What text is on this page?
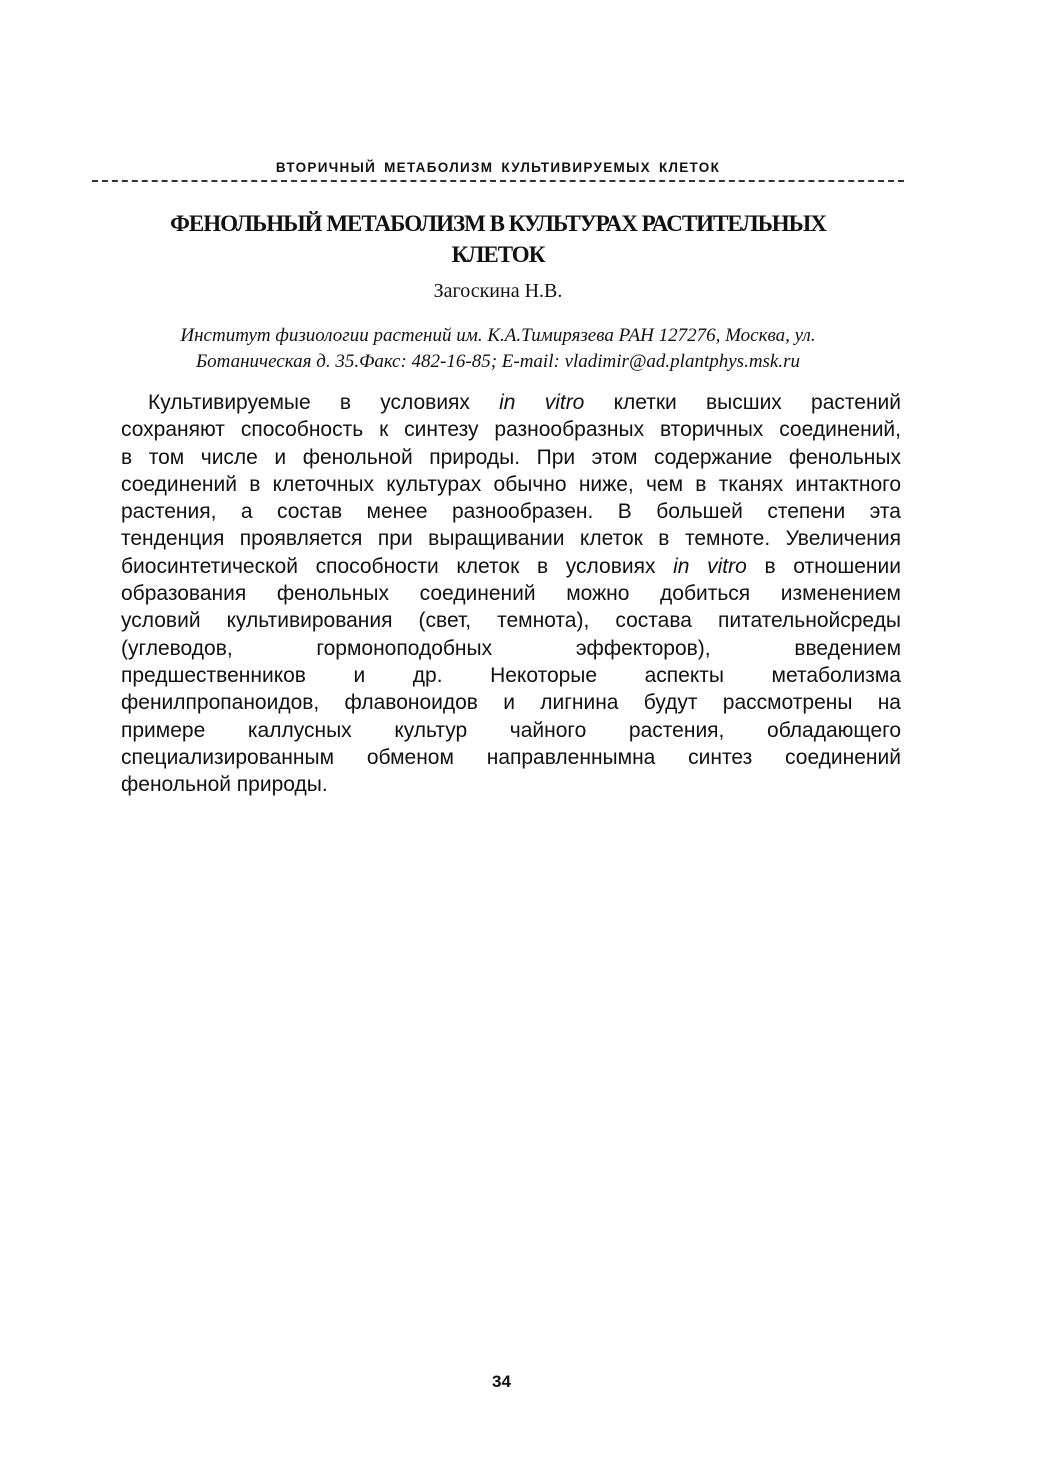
ВТОРИЧНЫЙ МЕТАБОЛИЗМ КУЛЬТИВИРУЕМЫХ КЛЕТОК
ФЕНОЛЬНЫЙ МЕТАБОЛИЗМ В КУЛЬТУРАХ РАСТИТЕЛЬНЫХ
КЛЕТОК
Загоскина Н.В.
Институт физиологии растений им. К.А.Тимирязева РАН 127276, Москва, ул.
Ботаническая д. 35.Факс: 482-16-85; E-mail: vladimir@ad.plantphys.msk.ru
Культивируемые в условиях in vitro клетки высших растений
сохраняют способность к синтезу разнообразных вторичных соединений,
в том числе и фенольной природы. При этом содержание фенольных
соединений в клеточных культурах обычно ниже, чем в тканях интактного
растения, а состав менее разнообразен. В большей степени эта
тенденция проявляется при выращивании клеток в темноте. Увеличения
биосинтетической способности клеток в условиях in vitro в отношении
образования фенольных соединений можно добиться изменением
условий культивирования (свет, темнота), состава питательнойсреды
(углеводов, гормоноподобных эффекторов), введением
предшественников и др. Некоторые аспекты метаболизма
фенилпропаноидов, флавоноидов и лигнина будут рассмотрены на
примере каллусных культур чайного растения, обладающего
специализированным обменом направленнымна синтез соединений
фенольной природы.
34
